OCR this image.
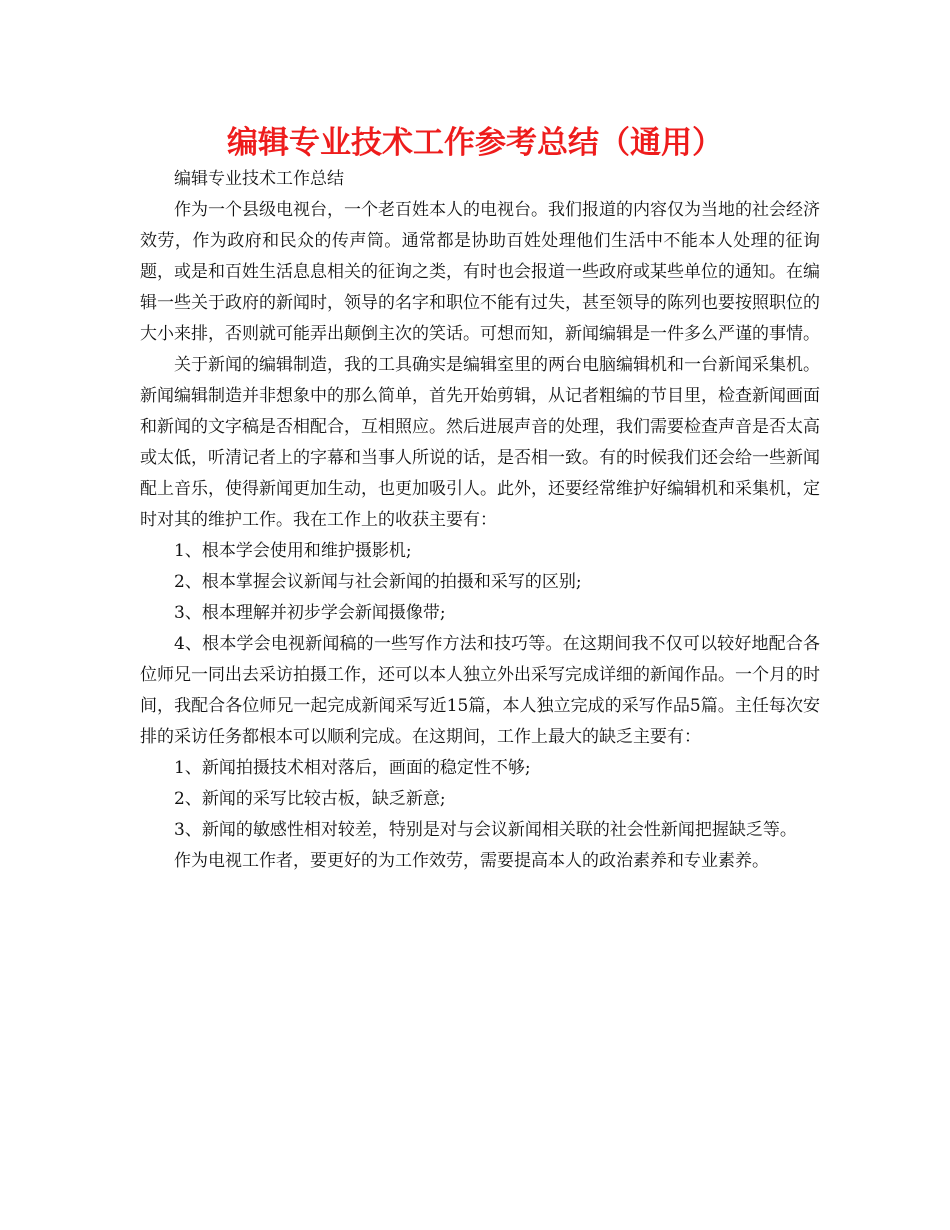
编辑专业技术工作参考总结（通用）

编辑专业技术工作总结

作为一个县级电视台，一个老百姓本人的电视台。我们报道的内容仅为当地的社会经济效劳，作为政府和民众的传声筒。通常都是协助百姓处理他们生活中不能本人处理的征询题，或是和百姓生活息息相关的征询之类，有时也会报道一些政府或某些单位的通知。在编辑一些关于政府的新闻时，领导的名字和职位不能有过失，甚至领导的陈列也要按照职位的大小来排，否则就可能弄出颠倒主次的笑话。可想而知，新闻编辑是一件多么严谨的事情。

关于新闻的编辑制造，我的工具确实是编辑室里的两台电脑编辑机和一台新闻采集机。新闻编辑制造并非想象中的那么简单，首先开始剪辑，从记者粗编的节目里，检查新闻画面和新闻的文字稿是否相配合，互相照应。然后进展声音的处理，我们需要检查声音是否太高或太低，听清记者上的字幕和当事人所说的话，是否相一致。有的时候我们还会给一些新闻配上音乐，使得新闻更加生动，也更加吸引人。此外，还要经常维护好编辑机和采集机，定时对其的维护工作。我在工作上的收获主要有：

1、根本学会使用和维护摄影机;

2、根本掌握会议新闻与社会新闻的拍摄和采写的区别;

3、根本理解并初步学会新闻摄像带;

4、根本学会电视新闻稿的一些写作方法和技巧等。在这期间我不仅可以较好地配合各位师兄一同出去采访拍摄工作，还可以本人独立外出采写完成详细的新闻作品。一个月的时间，我配合各位师兄一起完成新闻采写近15篇，本人独立完成的采写作品5篇。主任每次安排的采访任务都根本可以顺利完成。在这期间，工作上最大的缺乏主要有：

1、新闻拍摄技术相对落后，画面的稳定性不够;

2、新闻的采写比较古板，缺乏新意;

3、新闻的敏感性相对较差，特别是对与会议新闻相关联的社会性新闻把握缺乏等。

作为电视工作者，要更好的为工作效劳，需要提高本人的政治素养和专业素养。
